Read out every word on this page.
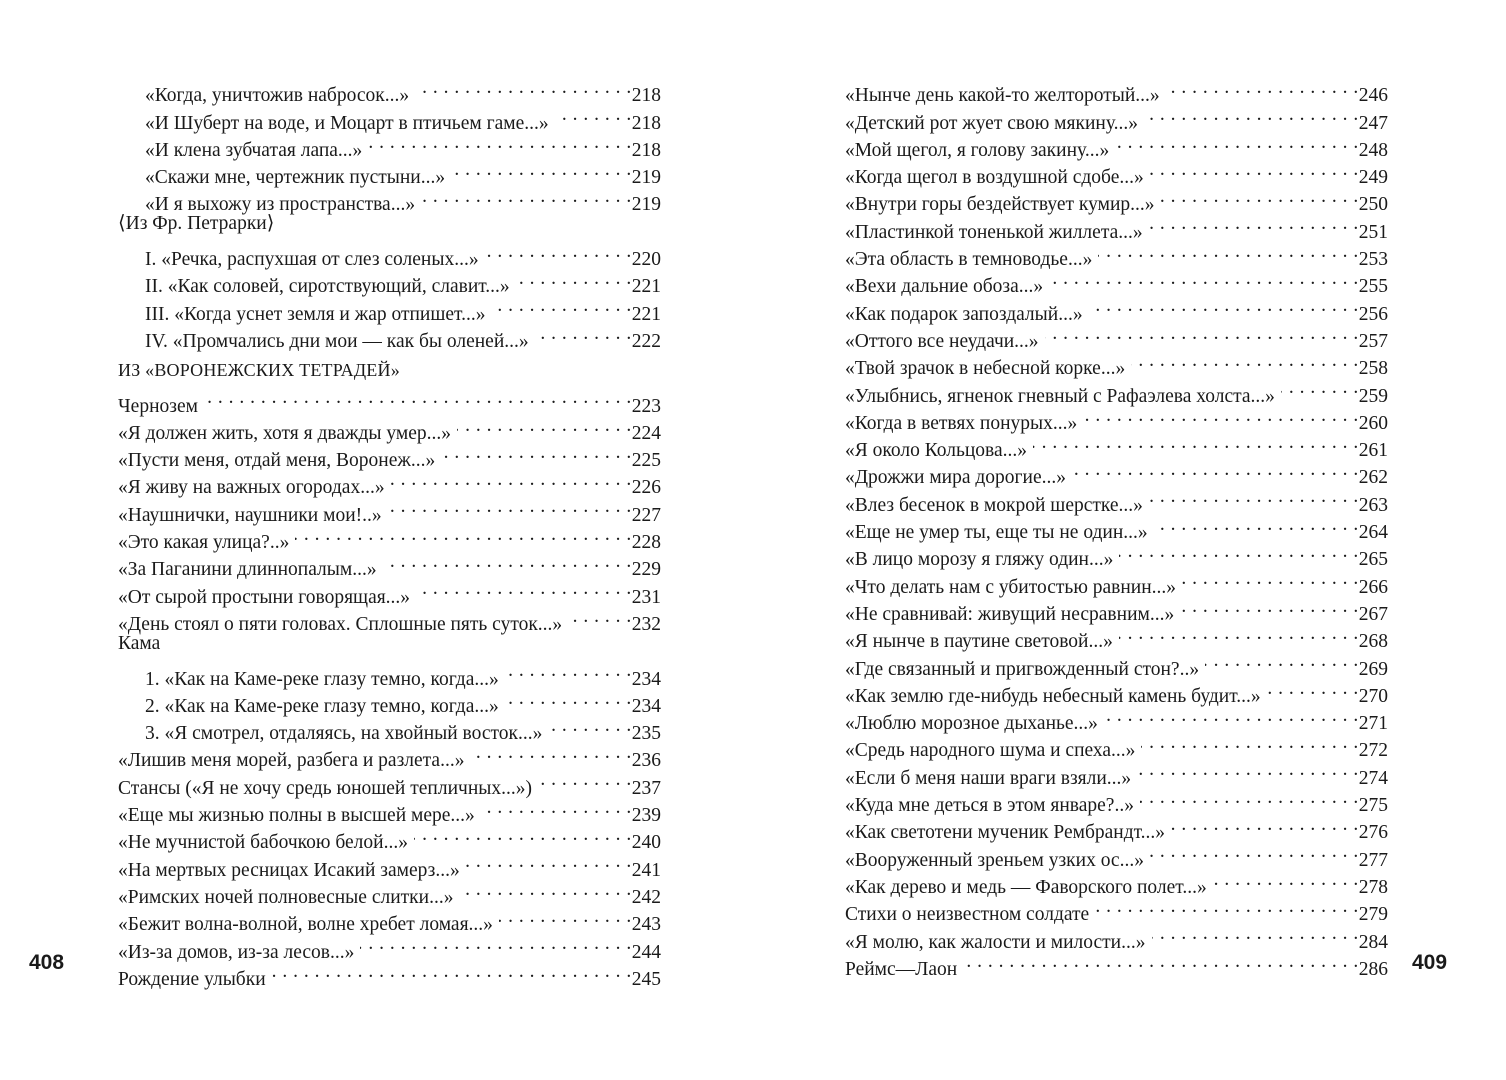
«Когда, уничтожив набросок...» . . .	218
«И Шуберт на воде, и Моцарт в птичьем гаме...» . . .	218
«И клена зубчатая лапа...» . . .	218
«Скажи мне, чертежник пустыни...» . . .	219
«И я выхожу из пространства...» . . .	219
⟨Из Фр. Петрарки⟩
I. «Речка, распухшая от слез соленых...» . . .	220
II. «Как соловей, сиротствующий, славит...» . . .	221
III. «Когда уснет земля и жар отпишет...» . . .	221
IV. «Промчались дни мои — как бы оленей...» . . .	222
ИЗ «ВОРОНЕЖСКИХ ТЕТРАДЕЙ»
Чернозем . . .	223
«Я должен жить, хотя я дважды умер...» . . .	224
«Пусти меня, отдай меня, Воронеж...» . . .	225
«Я живу на важных огородах...» . . .	226
«Наушнички, наушники мои!..» . . .	227
«Это какая улица?..» . . .	228
«За Паганини длиннопалым...» . . .	229
«От сырой простыни говорящая...» . . .	231
«День стоял о пяти головах. Сплошные пять суток...» . . .	232
Кама
1. «Как на Каме-реке глазу темно, когда...» . . .	234
2. «Как на Каме-реке глазу темно, когда...» . . .	234
3. «Я смотрел, отдаляясь, на хвойный восток...» . . .	235
«Лишив меня морей, разбега и разлета...» . . .	236
Стансы («Я не хочу средь юношей тепличных...») . . .	237
«Еще мы жизнью полны в высшей мере...» . . .	239
«Не мучнистой бабочкою белой...» . . .	240
«На мертвых ресницах Исакий замерз...» . . .	241
«Римских ночей полновесные слитки...» . . .	242
«Бежит волна-волной, волне хребет ломая...» . . .	243
«Из-за домов, из-за лесов...» . . .	244
Рождение улыбки . . .	245
408
«Нынче день какой-то желторотый...» . . .	246
«Детский рот жует свою мякину...» . . .	247
«Мой щегол, я голову закину...» . . .	248
«Когда щегол в воздушной сдобе...» . . .	249
«Внутри горы бездействует кумир...» . . .	250
«Пластинкой тоненькой жиллета...» . . .	251
«Эта область в темноводье...» . . .	253
«Вехи дальние обоза...» . . .	255
«Как подарок запоздалый...» . . .	256
«Оттого все неудачи...» . . .	257
«Твой зрачок в небесной корке...» . . .	258
«Улыбнись, ягненок гневный с Рафаэлева холста...» . . .	259
«Когда в ветвях понурых...» . . .	260
«Я около Кольцова...» . . .	261
«Дрожжи мира дорогие...» . . .	262
«Влез бесенок в мокрой шерстке...» . . .	263
«Еще не умер ты, еще ты не один...» . . .	264
«В лицо морозу я гляжу один...» . . .	265
«Что делать нам с убитостью равнин...» . . .	266
«Не сравнивай: живущий несравним...» . . .	267
«Я нынче в паутине световой...» . . .	268
«Где связанный и пригвожденный стон?..» . . .	269
«Как землю где-нибудь небесный камень будит...» . . .	270
«Люблю морозное дыханье...» . . .	271
«Средь народного шума и спеха...» . . .	272
«Если б меня наши враги взяли...» . . .	274
«Куда мне деться в этом январе?..» . . .	275
«Как светотени мученик Рембрандт...» . . .	276
«Вооруженный зреньем узких ос...» . . .	277
«Как дерево и медь — Фаворского полет...» . . .	278
Стихи о неизвестном солдате . . .	279
«Я молю, как жалости и милости...» . . .	284
Реймс—Лаон . . .	286 409
